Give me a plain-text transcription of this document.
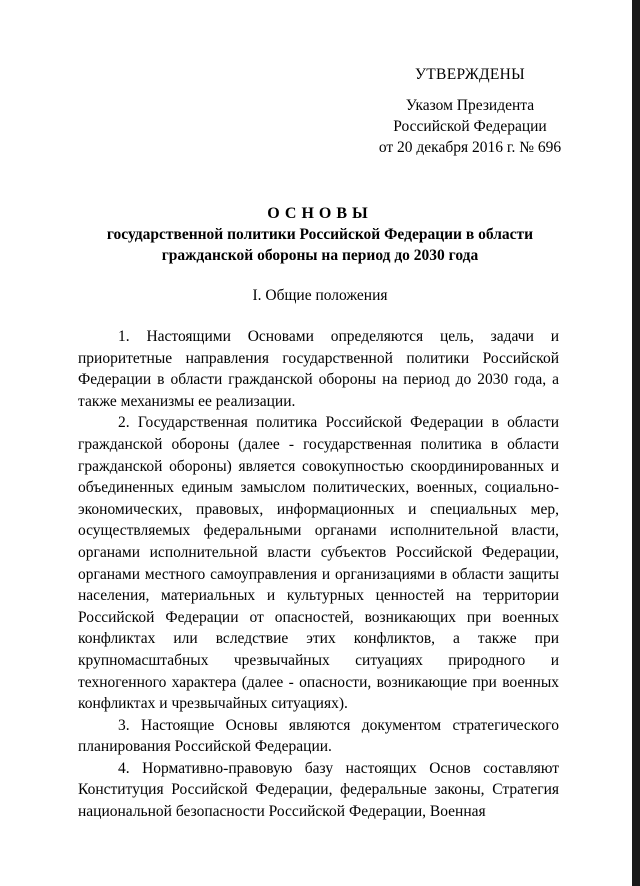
УТВЕРЖДЕНЫ
Указом Президента
Российской Федерации
от 20 декабря 2016 г. № 696
ОСНОВЫ
государственной политики Российской Федерации в области
гражданской обороны на период до 2030 года
I. Общие положения

1. Настоящими Основами определяются цель, задачи и приоритетные направления государственной политики Российской Федерации в области гражданской обороны на период до 2030 года, а также механизмы ее реализации.

2. Государственная политика Российской Федерации в области гражданской обороны (далее - государственная политика в области гражданской обороны) является совокупностью скоординированных и объединенных единым замыслом политических, военных, социально-экономических, правовых, информационных и специальных мер, осуществляемых федеральными органами исполнительной власти, органами исполнительной власти субъектов Российской Федерации, органами местного самоуправления и организациями в области защиты населения, материальных и культурных ценностей на территории Российской Федерации от опасностей, возникающих при военных конфликтах или вследствие этих конфликтов, а также при крупномасштабных чрезвычайных ситуациях природного и техногенного характера (далее - опасности, возникающие при военных конфликтах и чрезвычайных ситуациях).

3. Настоящие Основы являются документом стратегического планирования Российской Федерации.

4. Нормативно-правовую базу настоящих Основ составляют Конституция Российской Федерации, федеральные законы, Стратегия национальной безопасности Российской Федерации, Военная
